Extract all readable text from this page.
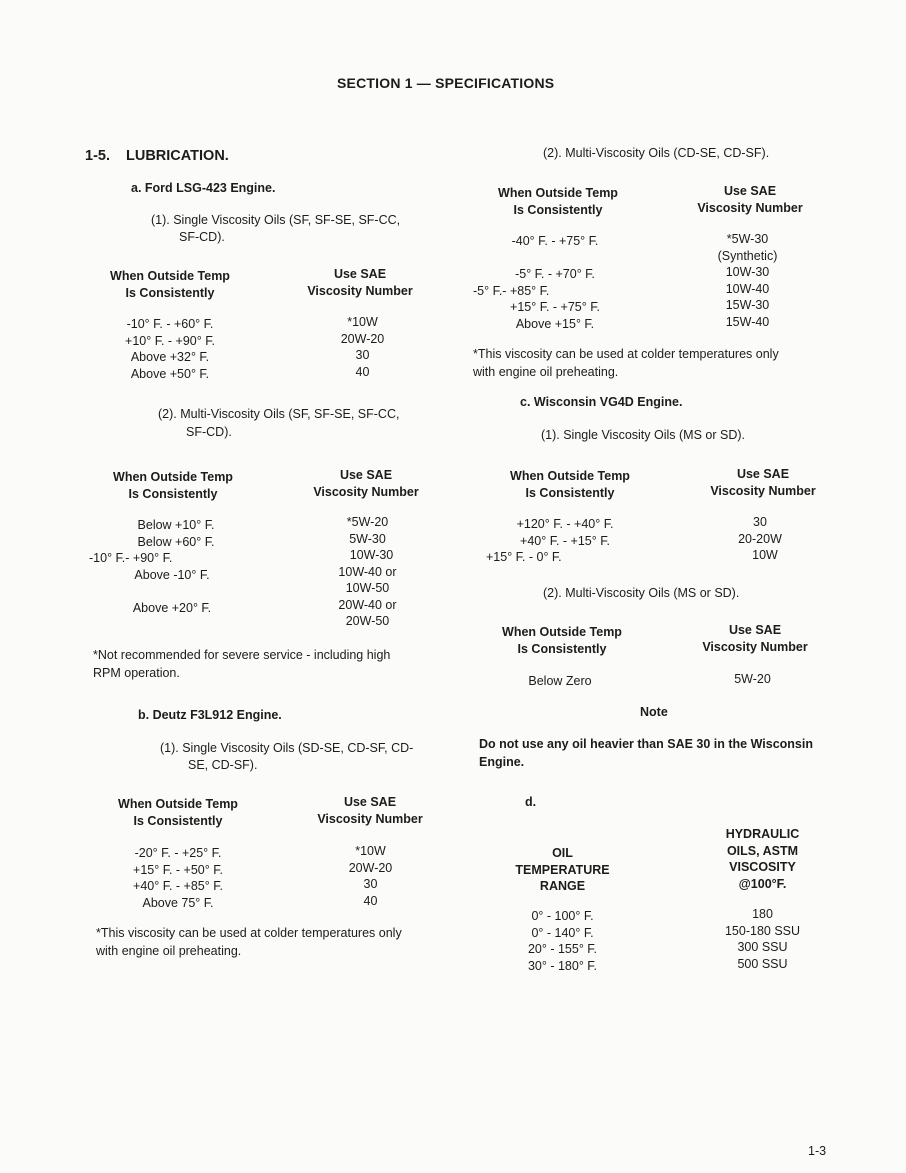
SECTION 1 — SPECIFICATIONS
1-5. LUBRICATION.
a. Ford LSG-423 Engine.
(1). Single Viscosity Oils (SF, SF-SE, SF-CC,
SF-CD).
When Outside Temp
Is Consistently
Use SAE
Viscosity Number
-10° F. - +60° F.
+10° F. - +90° F.
Above +32° F.
Above +50° F.
*10W
20W-20
30
40
(2). Multi-Viscosity Oils (SF, SF-SE, SF-CC,
SF-CD).
When Outside Temp
Is Consistently
Use SAE
Viscosity Number
Below +10° F.
Below +60° F.
-10° F.- +90° F.
Above -10° F.
Above +20° F.
*5W-20
5W-30
10W-30
10W-40 or
10W-50
20W-40 or
20W-50
*Not recommended for severe service - including high
RPM operation.
b. Deutz F3L912 Engine.
(1). Single Viscosity Oils (SD-SE, CD-SF, CD-
SE, CD-SF).
When Outside Temp
Is Consistently
Use SAE
Viscosity Number
-20° F. - +25° F.
+15° F. - +50° F.
+40° F. - +85° F.
Above 75° F.
*10W
20W-20
30
40
*This viscosity can be used at colder temperatures only
with engine oil preheating.
(2). Multi-Viscosity Oils (CD-SE, CD-SF).
When Outside Temp
Is Consistently
Use SAE
Viscosity Number
-40° F. - +75° F.
-5° F. - +70° F.
-5° F.- +85° F.
+15° F. - +75° F.
Above +15° F.
*5W-30
(Synthetic)
10W-30
10W-40
15W-30
15W-40
*This viscosity can be used at colder temperatures only
with engine oil preheating.
c. Wisconsin VG4D Engine.
(1). Single Viscosity Oils (MS or SD).
When Outside Temp
Is Consistently
Use SAE
Viscosity Number
+120° F. - +40° F.
+40° F. - +15° F.
+15° F. - 0° F.
30
20-20W
10W
(2). Multi-Viscosity Oils (MS or SD).
When Outside Temp
Is Consistently
Use SAE
Viscosity Number
Below Zero	5W-20
Note
Do not use any oil heavier than SAE 30 in the Wisconsin
Engine.
d.
OIL
TEMPERATURE
RANGE
HYDRAULIC
OILS, ASTM
VISCOSITY
@100°F.
0° - 100° F.
0° - 140° F.
20° - 155° F.
30° - 180° F.
180
150-180 SSU
300 SSU
500 SSU
1-3
